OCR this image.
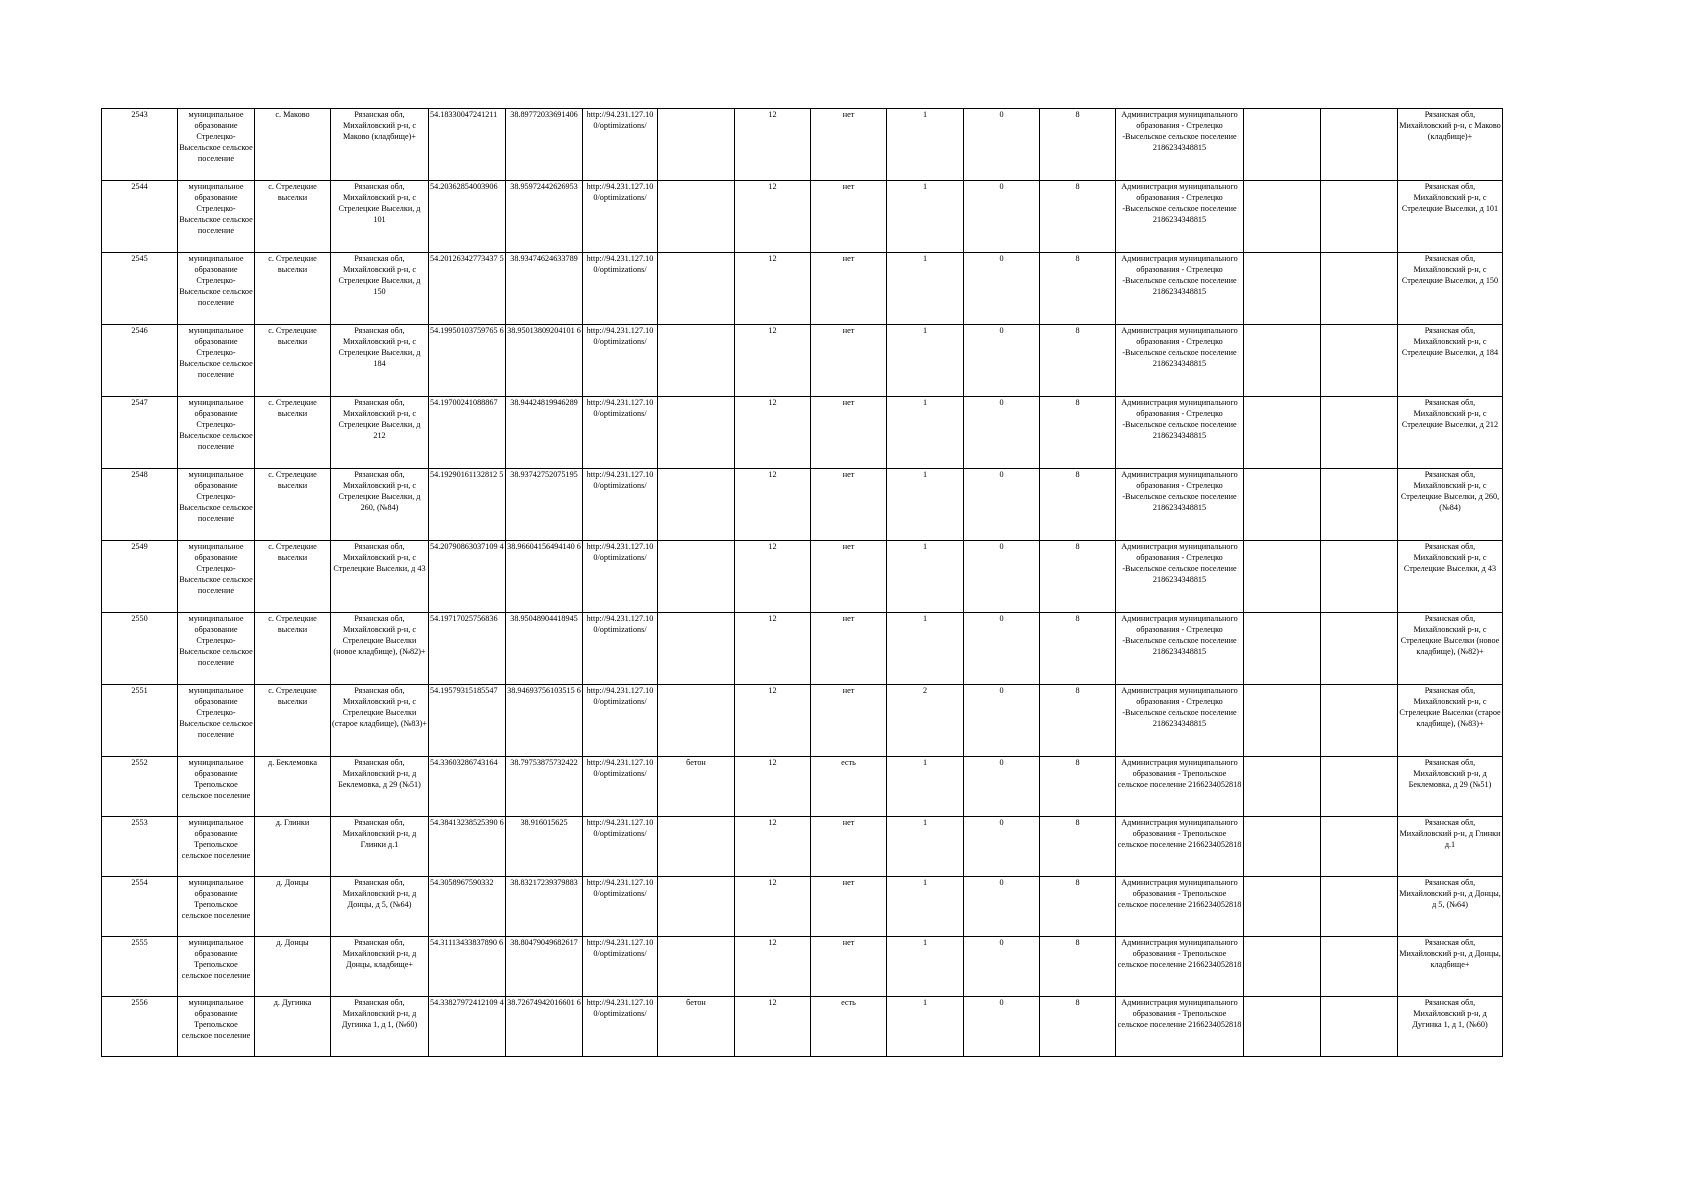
2543	муниципальное образование Стрелецко-Высельское сельское поселение	с. Маково	Рязанская обл, Михайловский р-н, с Маково (кладбище)+	54.18330047241211	38.89772033691406	http://94.231.127.10 0/optimizations/		12	нет	1	0	8	Администрация муниципального образования - Стрелецко -Высельское сельское поселение 2186234348815			Рязанская обл, Михайловский р-н, с Маково (кладбище)+
2544	муниципальное образование Стрелецко-Высельское сельское поселение	с. Стрелецкие выселки	Рязанская обл, Михайловский р-н, с Стрелецкие Выселки, д 101	54.20362854003906	38.95972442626953	http://94.231.127.10 0/optimizations/		12	нет	1	0	8	Администрация муниципального образования - Стрелецко -Высельское сельское поселение 2186234348815			Рязанская обл, Михайловский р-н, с Стрелецкие Выселки, д 101
2545	муниципальное образование Стрелецко-Высельское сельское поселение	с. Стрелецкие выселки	Рязанская обл, Михайловский р-н, с Стрелецкие Выселки, д 150	54.20126342773437 5	38.93474624633789	http://94.231.127.10 0/optimizations/		12	нет	1	0	8	Администрация муниципального образования - Стрелецко -Высельское сельское поселение 2186234348815			Рязанская обл, Михайловский р-н, с Стрелецкие Выселки, д 150
2546	муниципальное образование Стрелецко-Высельское сельское поселение	с. Стрелецкие выселки	Рязанская обл, Михайловский р-н, с Стрелецкие Выселки, д 184	54.19950103759765 6	38.95013809204101 6	http://94.231.127.10 0/optimizations/		12	нет	1	0	8	Администрация муниципального образования - Стрелецко -Высельское сельское поселение 2186234348815			Рязанская обл, Михайловский р-н, с Стрелецкие Выселки, д 184
2547	муниципальное образование Стрелецко-Высельское сельское поселение	с. Стрелецкие выселки	Рязанская обл, Михайловский р-н, с Стрелецкие Выселки, д 212	54.19700241088867	38.94424819946289	http://94.231.127.10 0/optimizations/		12	нет	1	0	8	Администрация муниципального образования - Стрелецко -Высельское сельское поселение 2186234348815			Рязанская обл, Михайловский р-н, с Стрелецкие Выселки, д 212
2548	муниципальное образование Стрелецко-Высельское сельское поселение	с. Стрелецкие выселки	Рязанская обл, Михайловский р-н, с Стрелецкие Выселки, д 260, (№84)	54.19290161132812 5	38.93742752075195	http://94.231.127.10 0/optimizations/		12	нет	1	0	8	Администрация муниципального образования - Стрелецко -Высельское сельское поселение 2186234348815			Рязанская обл, Михайловский р-н, с Стрелецкие Выселки, д 260, (№84)
2549	муниципальное образование Стрелецко-Высельское сельское поселение	с. Стрелецкие выселки	Рязанская обл, Михайловский р-н, с Стрелецкие Выселки, д 43	54.20790863037109 4	38.96604156494140 6	http://94.231.127.10 0/optimizations/		12	нет	1	0	8	Администрация муниципального образования - Стрелецко -Высельское сельское поселение 2186234348815			Рязанская обл, Михайловский р-н, с Стрелецкие Выселки, д 43
2550	муниципальное образование Стрелецко-Высельское сельское поселение	с. Стрелецкие выселки	Рязанская обл, Михайловский р-н, с Стрелецкие Выселки (новое кладбище), (№82)+	54.19717025756836	38.95048904418945	http://94.231.127.10 0/optimizations/		12	нет	1	0	8	Администрация муниципального образования - Стрелецко -Высельское сельское поселение 2186234348815			Рязанская обл, Михайловский р-н, с Стрелецкие Выселки (новое кладбище), (№82)+
2551	муниципальное образование Стрелецко-Высельское сельское поселение	с. Стрелецкие выселки	Рязанская обл, Михайловский р-н, с Стрелецкие Выселки (старое кладбище), (№83)+	54.19579315185547	38.94693756103515 6	http://94.231.127.10 0/optimizations/		12	нет	2	0	8	Администрация муниципального образования - Стрелецко -Высельское сельское поселение 2186234348815			Рязанская обл, Михайловский р-н, с Стрелецкие Выселки (старое кладбище), (№83)+
2552	муниципальное образование Трепольское сельское поселение	д. Беклемовка	Рязанская обл, Михайловский р-н, д Беклемовка, д 29 (№51)	54.33603286743164	38.79753875732422	http://94.231.127.10 0/optimizations/	бетон	12	есть	1	0	8	Администрация муниципального образования - Трепольское сельское поселение 2166234052818			Рязанская обл, Михайловский р-н, д Беклемовка, д 29 (№51)
2553	муниципальное образование Трепольское сельское поселение	д. Глинки	Рязанская обл, Михайловский р-н, д Глинки д.1	54.38413238525390 6	38.916015625	http://94.231.127.10 0/optimizations/		12	нет	1	0	8	Администрация муниципального образования - Трепольское сельское поселение 2166234052818			Рязанская обл, Михайловский р-н, д Глинки д.1
2554	муниципальное образование Трепольское сельское поселение	д. Донцы	Рязанская обл, Михайловский р-н, д Донцы, д 5, (№64)	54.3058967590332	38.83217239379883	http://94.231.127.10 0/optimizations/		12	нет	1	0	8	Администрация муниципального образования - Трепольское сельское поселение 2166234052818			Рязанская обл, Михайловский р-н, д Донцы, д 5, (№64)
2555	муниципальное образование Трепольское сельское поселение	д. Донцы	Рязанская обл, Михайловский р-н, д Донцы, кладбище+	54.31113433837890 6	38.80479049682617	http://94.231.127.10 0/optimizations/		12	нет	1	0	8	Администрация муниципального образования - Трепольское сельское поселение 2166234052818			Рязанская обл, Михайловский р-н, д Донцы, кладбище+
2556	муниципальное образование Трепольское сельское поселение	д. Дугинка	Рязанская обл, Михайловский р-н, д Дугинка 1, д 1, (№60)	54.33827972412109 4	38.72674942016601 6	http://94.231.127.10 0/optimizations/	бетон	12	есть	1	0	8	Администрация муниципального образования - Трепольское сельское поселение 2166234052818			Рязанская обл, Михайловский р-н, д Дугинка 1, д 1, (№60)
